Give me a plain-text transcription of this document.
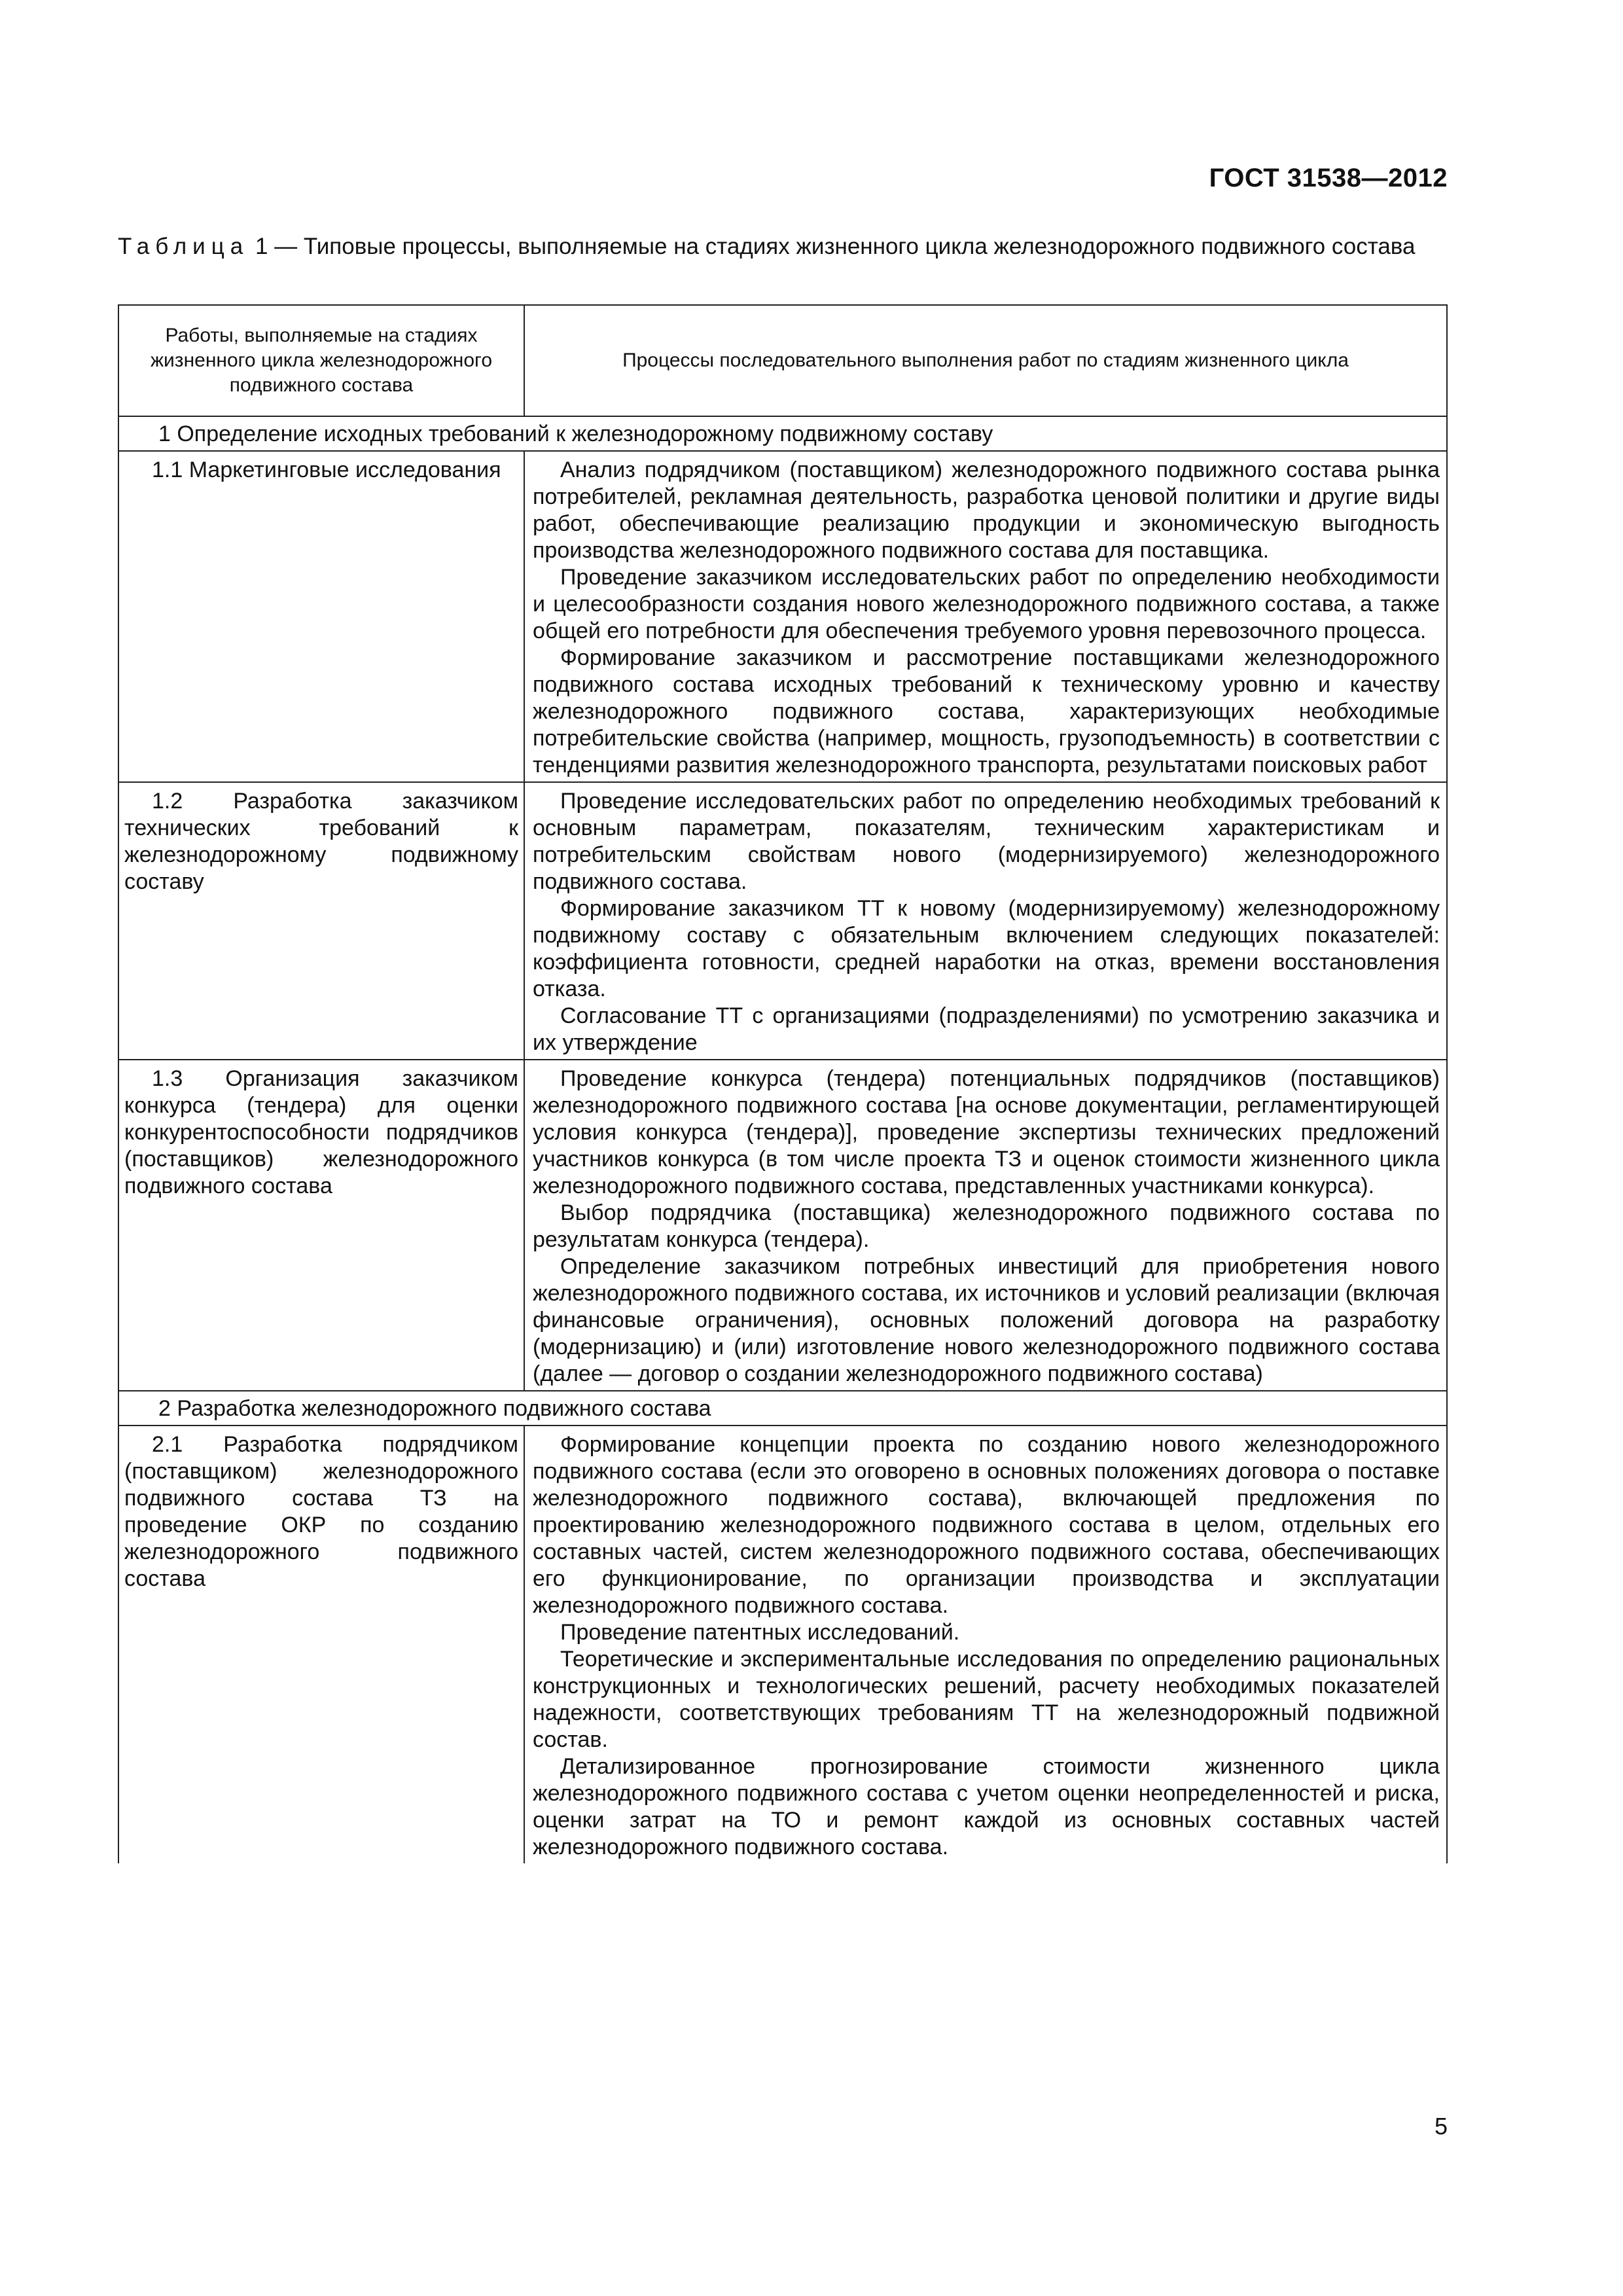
ГОСТ 31538—2012
Таблица 1 — Типовые процессы, выполняемые на стадиях жизненного цикла железнодорожного подвижного состава
Работы, выполняемые на стадиях жизненного цикла железнодорожного подвижного состава	Процессы последовательного выполнения работ по стадиям жизненного цикла
1 Определение исходных требований к железнодорожному подвижному составу	
1.1 Маркетинговые исследования	Анализ подрядчиком (поставщиком) железнодорожного подвижного состава рынка потребителей, рекламная деятельность, разработка ценовой политики и другие виды работ, обеспечивающие реализацию продукции и экономическую выгодность производства железнодорожного подвижного состава для поставщика.

Проведение заказчиком исследовательских работ по определению необходимости и целесообразности создания нового железнодорожного подвижного состава, а также общей его потребности для обеспечения требуемого уровня перевозочного процесса.

Формирование заказчиком и рассмотрение поставщиками железнодорожного подвижного состава исходных требований к техническому уровню и качеству железнодорожного подвижного состава, характеризующих необходимые потребительские свойства (например, мощность, грузоподъемность) в соответствии с тенденциями развития железнодорожного транспорта, результатами поисковых работ

1.2 Разработка заказчиком технических требований к железнодорожному подвижному составу	Проведение исследовательских работ по определению необходимых требований к основным параметрам, показателям, техническим характеристикам и потребительским свойствам нового (модернизируемого) железнодорожного подвижного состава.

Формирование заказчиком ТТ к новому (модернизируемому) железнодорожному подвижному составу с обязательным включением следующих показателей: коэффициента готовности, средней наработки на отказ, времени восстановления отказа.

Согласование ТТ с организациями (подразделениями) по усмотрению заказчика и их утверждение

1.3 Организация заказчиком конкурса (тендера) для оценки конкурентоспособности подрядчиков (поставщиков) железнодорожного подвижного состава	Проведение конкурса (тендера) потенциальных подрядчиков (поставщиков) железнодорожного подвижного состава [на основе документации, регламентирующей условия конкурса (тендера)], проведение экспертизы технических предложений участников конкурса (в том числе проекта ТЗ и оценок стоимости жизненного цикла железнодорожного подвижного состава, представленных участниками конкурса).

Выбор подрядчика (поставщика) железнодорожного подвижного состава по результатам конкурса (тендера).

Определение заказчиком потребных инвестиций для приобретения нового железнодорожного подвижного состава, их источников и условий реализации (включая финансовые ограничения), основных положений договора на разработку (модернизацию) и (или) изготовление нового железнодорожного подвижного состава (далее — договор о создании железнодорожного подвижного состава)

2 Разработка железнодорожного подвижного состава	
2.1 Разработка подрядчиком (поставщиком) железнодорожного подвижного состава ТЗ на проведение ОКР по созданию железнодорожного подвижного состава	Формирование концепции проекта по созданию нового железнодорожного подвижного состава (если это оговорено в основных положениях договора о поставке железнодорожного подвижного состава), включающей предложения по проектированию железнодорожного подвижного состава в целом, отдельных его составных частей, систем железнодорожного подвижного состава, обеспечивающих его функционирование, по организации производства и эксплуатации железнодорожного подвижного состава.

Проведение патентных исследований.

Теоретические и экспериментальные исследования по определению рациональных конструкционных и технологических решений, расчету необходимых показателей надежности, соответствующих требованиям ТТ на железнодорожный подвижной состав.

Детализированное прогнозирование стоимости жизненного цикла железнодорожного подвижного состава с учетом оценки неопределенностей и риска, оценки затрат на ТО и ремонт каждой из основных составных частей железнодорожного подвижного состава.

5
